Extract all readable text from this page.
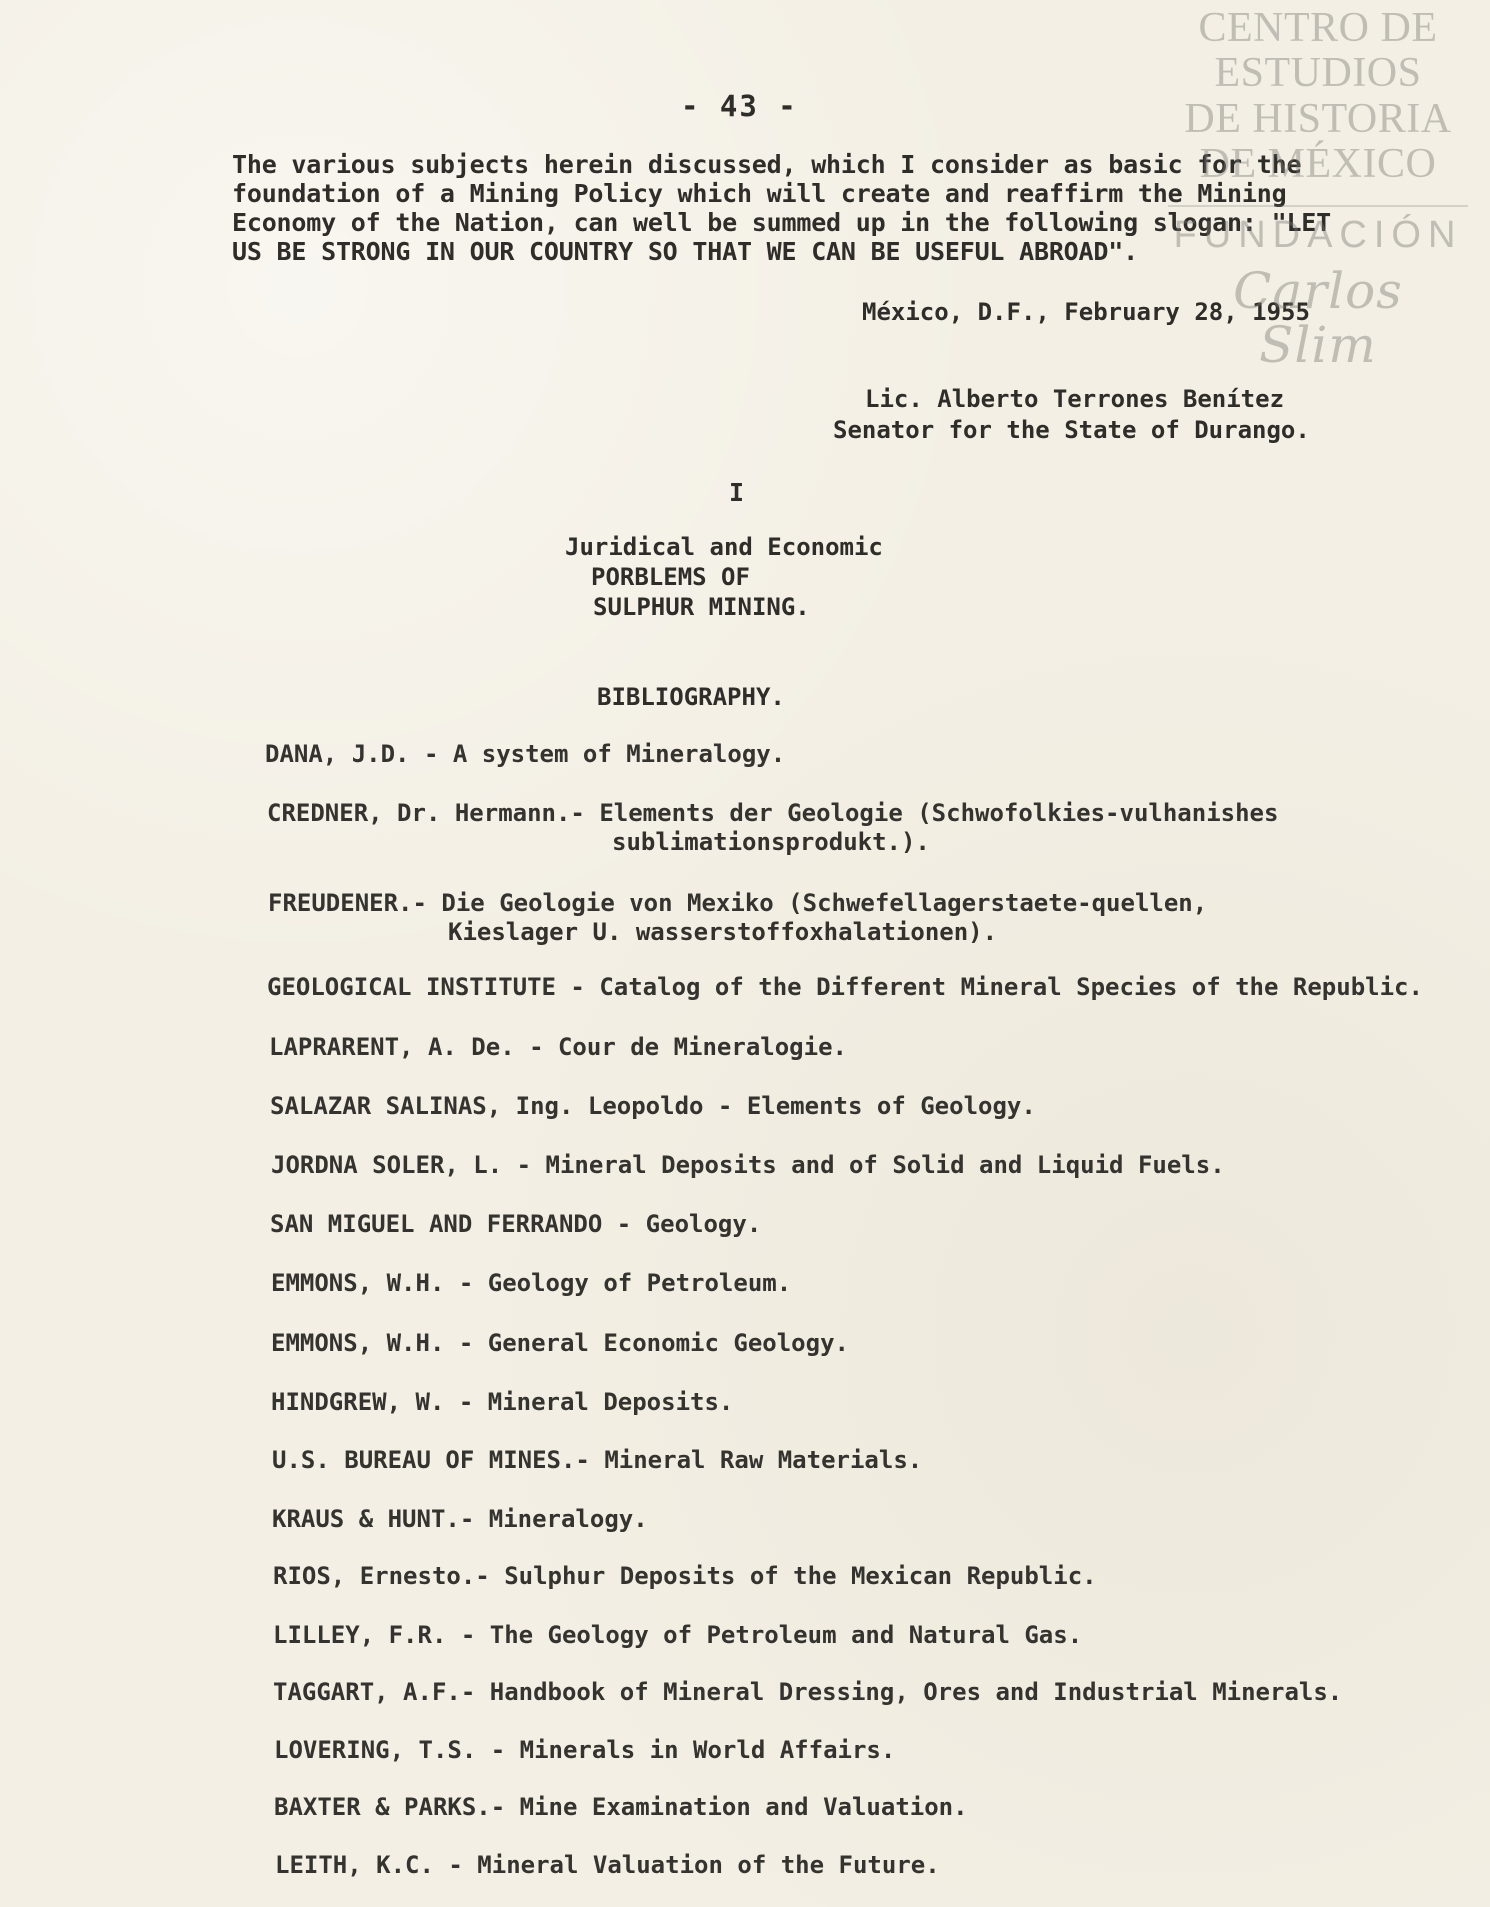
CENTRO DE
ESTUDIOS
DE HISTORIA
DE MÉXICO
FUNDACIÓN
Carlos Slim
- 43 -
The various subjects herein discussed, which I consider as basic for the foundation of a Mining Policy which will create and reaffirm the Mining Economy of the Nation, can well be summed up in the following slogan: "LET US BE STRONG IN OUR COUNTRY SO THAT WE CAN BE USEFUL ABROAD".
México, D.F., February 28, 1955
Lic. Alberto Terrones Benítez
Senator for the State of Durango.
I
Juridical and Economic
PORBLEMS OF
SULPHUR MINING.
BIBLIOGRAPHY.
DANA, J.D. - A system of Mineralogy.
CREDNER, Dr. Hermann.- Elements der Geologie (Schwofolkies-vulhanishes
sublimationsprodukt.).
FREUDENER.- Die Geologie von Mexiko (Schwefellagerstaete-quellen,
Kieslager U. wasserstoffoxhalationen).
GEOLOGICAL INSTITUTE - Catalog of the Different Mineral Species of the Republic.
LAPRARENT, A. De. - Cour de Mineralogie.
SALAZAR SALINAS, Ing. Leopoldo - Elements of Geology.
JORDNA SOLER, L. - Mineral Deposits and of Solid and Liquid Fuels.
SAN MIGUEL AND FERRANDO - Geology.
EMMONS, W.H. - Geology of Petroleum.
EMMONS, W.H. - General Economic Geology.
HINDGREW, W. - Mineral Deposits.
U.S. BUREAU OF MINES.- Mineral Raw Materials.
KRAUS & HUNT.- Mineralogy.
RIOS, Ernesto.- Sulphur Deposits of the Mexican Republic.
LILLEY, F.R. - The Geology of Petroleum and Natural Gas.
TAGGART, A.F.- Handbook of Mineral Dressing, Ores and Industrial Minerals.
LOVERING, T.S. - Minerals in World Affairs.
BAXTER & PARKS.- Mine Examination and Valuation.
LEITH, K.C. - Mineral Valuation of the Future.
